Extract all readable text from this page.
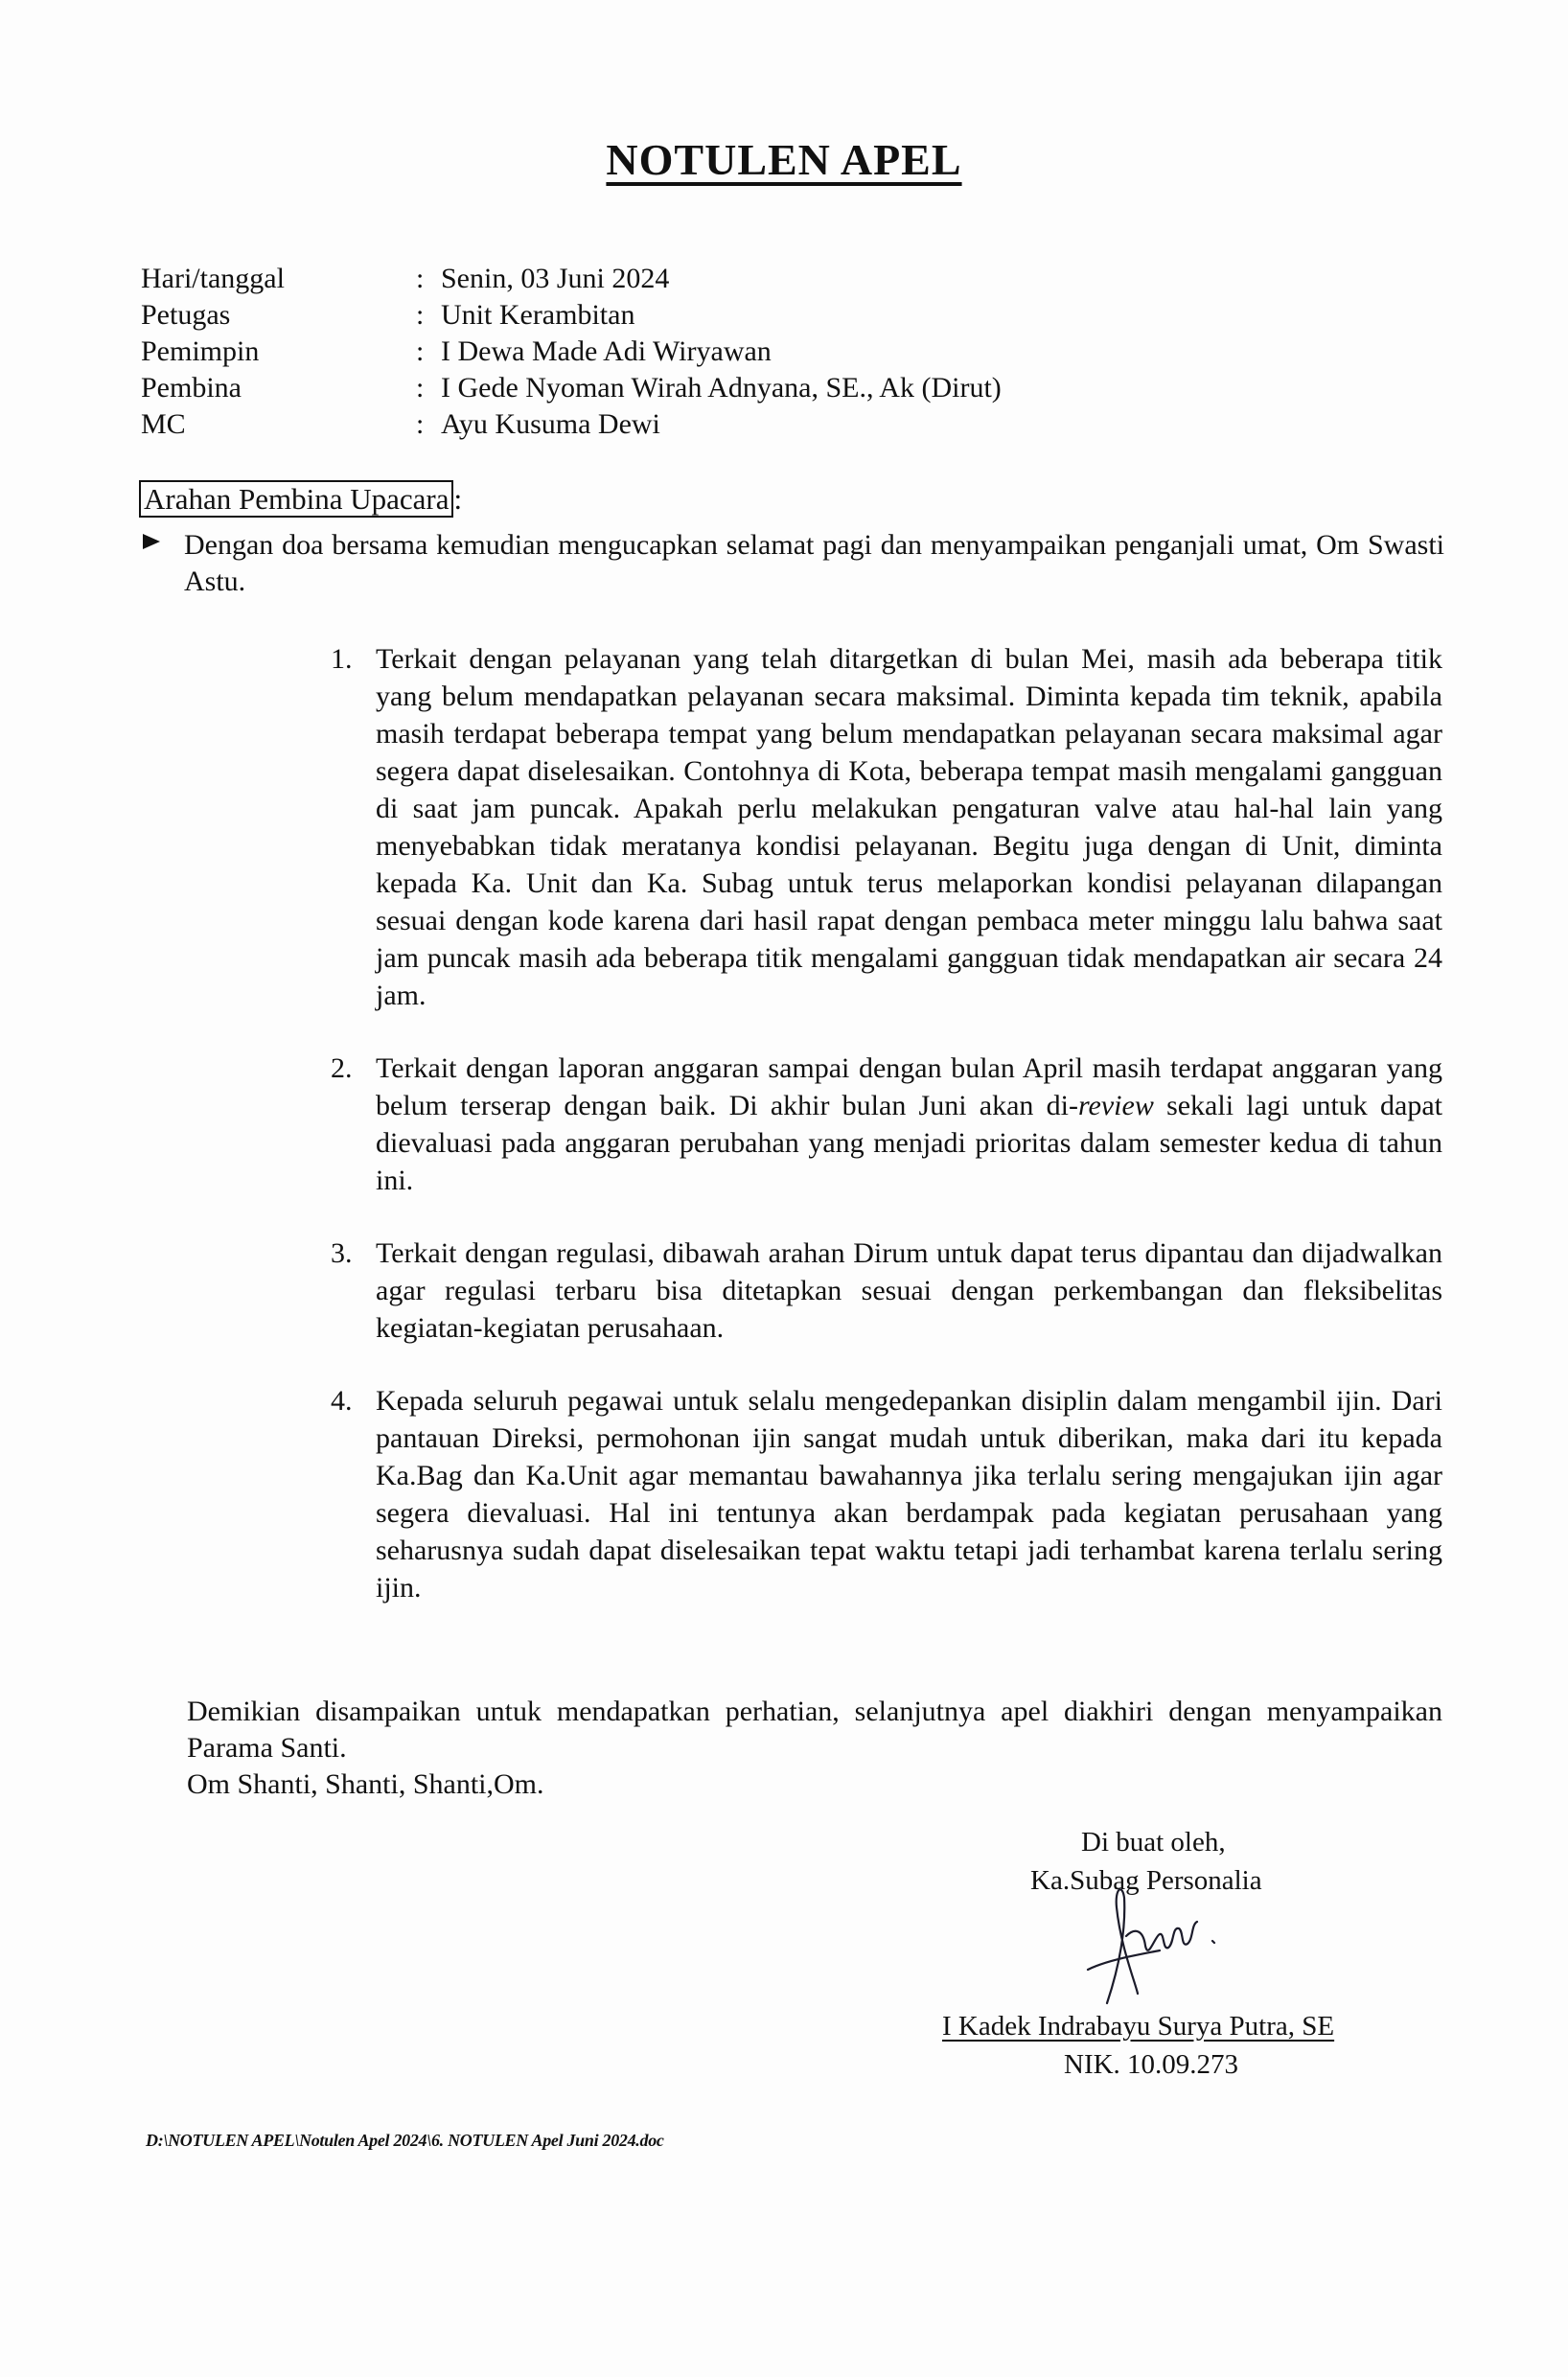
NOTULEN APEL
Hari/tanggal	: Senin, 03 Juni 2024
Petugas	: Unit Kerambitan
Pemimpin	: I Dewa Made Adi Wiryawan
Pembina	: I Gede Nyoman Wirah Adnyana, SE., Ak (Dirut)
MC	: Ayu Kusuma Dewi
Arahan Pembina Upacara :
Dengan doa bersama kemudian mengucapkan selamat pagi dan menyampaikan penganjali umat, Om Swasti Astu.
1. Terkait dengan pelayanan yang telah ditargetkan di bulan Mei, masih ada beberapa titik yang belum mendapatkan pelayanan secara maksimal. Diminta kepada tim teknik, apabila masih terdapat beberapa tempat yang belum mendapatkan pelayanan secara maksimal agar segera dapat diselesaikan. Contohnya di Kota, beberapa tempat masih mengalami gangguan di saat jam puncak. Apakah perlu melakukan pengaturan valve atau hal-hal lain yang menyebabkan tidak meratanya kondisi pelayanan. Begitu juga dengan di Unit, diminta kepada Ka. Unit dan Ka. Subag untuk terus melaporkan kondisi pelayanan dilapangan sesuai dengan kode karena dari hasil rapat dengan pembaca meter minggu lalu bahwa saat jam puncak masih ada beberapa titik mengalami gangguan tidak mendapatkan air secara 24 jam.
2. Terkait dengan laporan anggaran sampai dengan bulan April masih terdapat anggaran yang belum terserap dengan baik. Di akhir bulan Juni akan di-review sekali lagi untuk dapat dievaluasi pada anggaran perubahan yang menjadi prioritas dalam semester kedua di tahun ini.
3. Terkait dengan regulasi, dibawah arahan Dirum untuk dapat terus dipantau dan dijadwalkan agar regulasi terbaru bisa ditetapkan sesuai dengan perkembangan dan fleksibelitas kegiatan-kegiatan perusahaan.
4. Kepada seluruh pegawai untuk selalu mengedepankan disiplin dalam mengambil ijin. Dari pantauan Direksi, permohonan ijin sangat mudah untuk diberikan, maka dari itu kepada Ka.Bag dan Ka.Unit agar memantau bawahannya jika terlalu sering mengajukan ijin agar segera dievaluasi. Hal ini tentunya akan berdampak pada kegiatan perusahaan yang seharusnya sudah dapat diselesaikan tepat waktu tetapi jadi terhambat karena terlalu sering ijin.
Demikian disampaikan untuk mendapatkan perhatian, selanjutnya apel diakhiri dengan menyampaikan Parama Santi.
Om Shanti, Shanti, Shanti,Om.
Di buat oleh,
Ka.Subag Personalia
I Kadek Indrabayu Surya Putra, SE
NIK. 10.09.273
D:\NOTULEN APEL\Notulen Apel 2024\6. NOTULEN Apel Juni 2024.doc
